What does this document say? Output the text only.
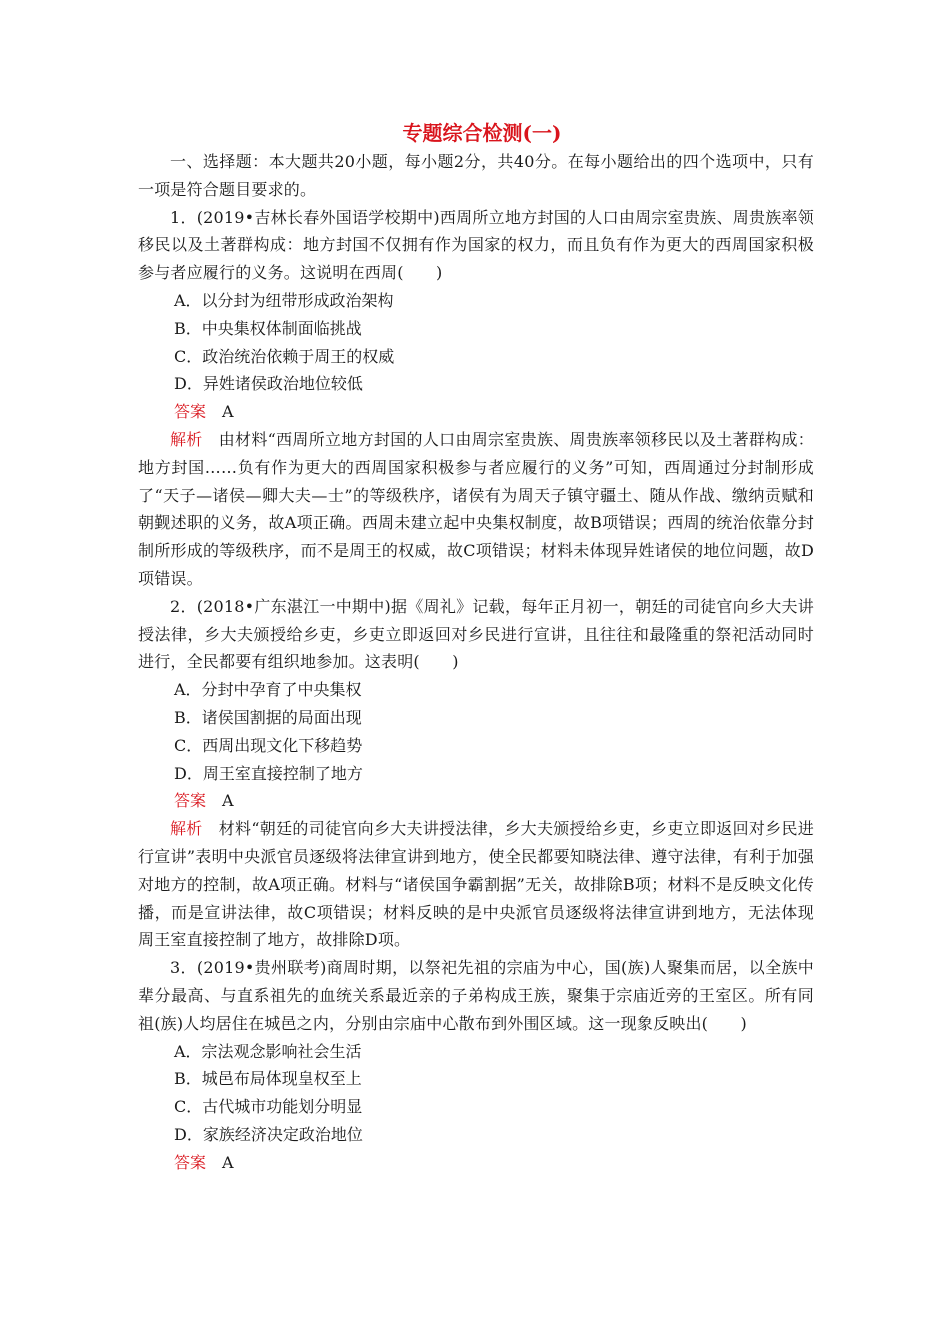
专题综合检测(一)

一、选择题：本大题共20小题，每小题2分，共40分。在每小题给出的四个选项中，只有一项是符合题目要求的。

1．(2019•吉林长春外国语学校期中)西周所立地方封国的人口由周宗室贵族、周贵族率领移民以及土著群构成：地方封国不仅拥有作为国家的权力，而且负有作为更大的西周国家积极参与者应履行的义务。这说明在西周(　　)

A．以分封为纽带形成政治架构

B．中央集权体制面临挑战

C．政治统治依赖于周王的权威

D．异姓诸侯政治地位较低

答案 A

解析 由材料“西周所立地方封国的人口由周宗室贵族、周贵族率领移民以及土著群构成：地方封国……负有作为更大的西周国家积极参与者应履行的义务”可知，西周通过分封制形成了“天子—诸侯—卿大夫—士”的等级秩序，诸侯有为周天子镇守疆土、随从作战、缴纳贡赋和朝觐述职的义务，故A项正确。西周未建立起中央集权制度，故B项错误；西周的统治依靠分封制所形成的等级秩序，而不是周王的权威，故C项错误；材料未体现异姓诸侯的地位问题，故D项错误。

2．(2018•广东湛江一中期中)据《周礼》记载，每年正月初一，朝廷的司徒官向乡大夫讲授法律，乡大夫颁授给乡吏，乡吏立即返回对乡民进行宣讲，且往往和最隆重的祭祀活动同时进行，全民都要有组织地参加。这表明(　　)

A．分封中孕育了中央集权

B．诸侯国割据的局面出现

C．西周出现文化下移趋势

D．周王室直接控制了地方

答案 A

解析 材料“朝廷的司徒官向乡大夫讲授法律，乡大夫颁授给乡吏，乡吏立即返回对乡民进行宣讲”表明中央派官员逐级将法律宣讲到地方，使全民都要知晓法律、遵守法律，有利于加强对地方的控制，故A项正确。材料与“诸侯国争霸割据”无关，故排除B项；材料不是反映文化传播，而是宣讲法律，故C项错误；材料反映的是中央派官员逐级将法律宣讲到地方，无法体现周王室直接控制了地方，故排除D项。

3．(2019•贵州联考)商周时期，以祭祀先祖的宗庙为中心，国(族)人聚集而居，以全族中辈分最高、与直系祖先的血统关系最近亲的子弟构成王族，聚集于宗庙近旁的王室区。所有同祖(族)人均居住在城邑之内，分别由宗庙中心散布到外围区域。这一现象反映出(　　)

A．宗法观念影响社会生活

B．城邑布局体现皇权至上

C．古代城市功能划分明显

D．家族经济决定政治地位

答案 A
